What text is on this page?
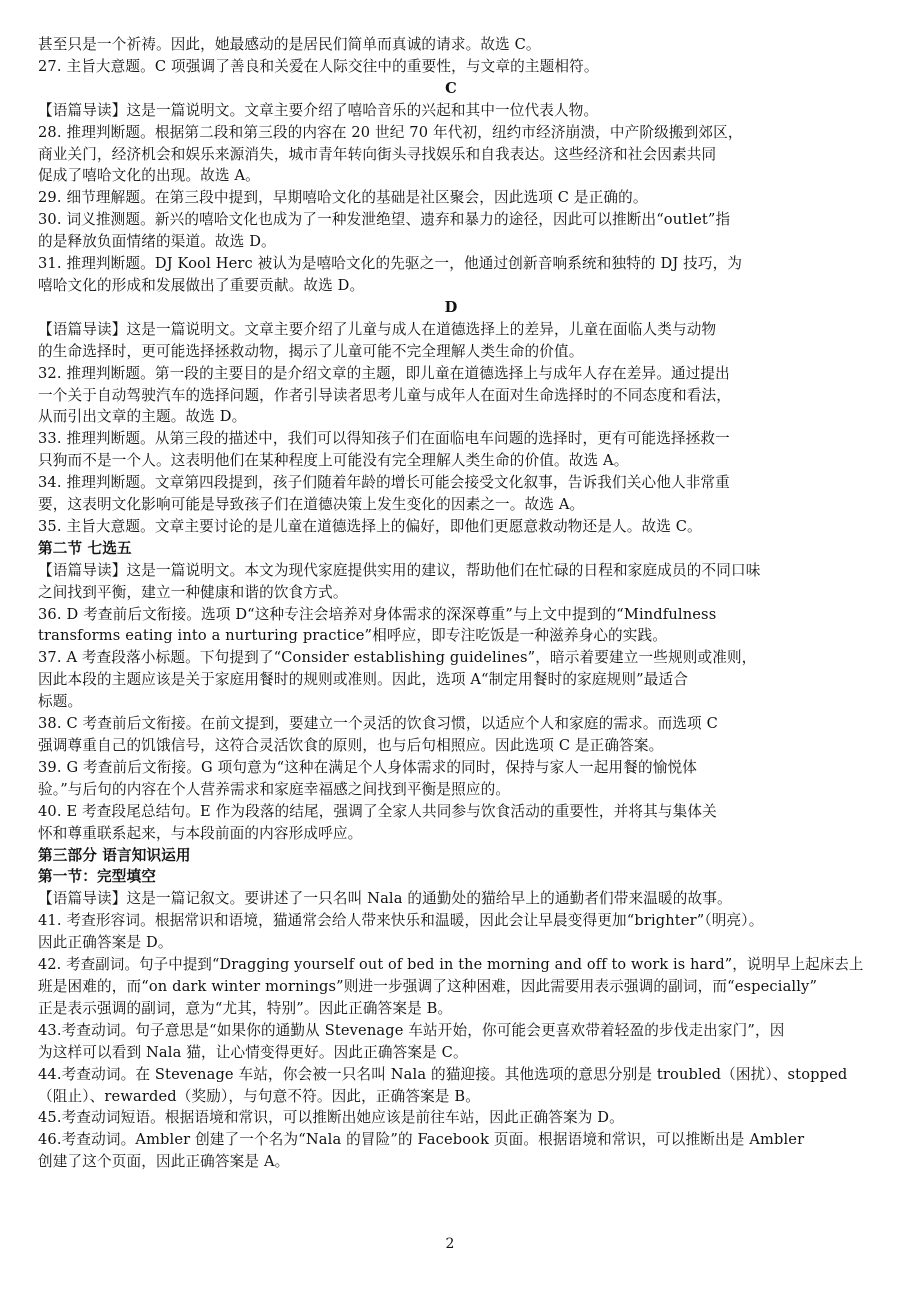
甚至只是一个祈祷。因此，她最感动的是居民们简单而真诚的请求。故选 C。
27. 主旨大意题。C 项强调了善良和关爱在人际交往中的重要性，与文章的主题相符。
C
【语篇导读】这是一篇说明文。文章主要介绍了嘻哈音乐的兴起和其中一位代表人物。
28. 推理判断题。根据第二段和第三段的内容在 20 世纪 70 年代初，纽约市经济崩溃，中产阶级搬到郊区，
商业关门，经济机会和娱乐来源消失，城市青年转向街头寻找娱乐和自我表达。这些经济和社会因素共同
促成了嘻哈文化的出现。故选 A。
29. 细节理解题。在第三段中提到，早期嘻哈文化的基础是社区聚会，因此选项 C 是正确的。
30. 词义推测题。新兴的嘻哈文化也成为了一种发泄绝望、遗弃和暴力的途径，因此可以推断出“outlet”指
的是释放负面情绪的渠道。故选 D。
31. 推理判断题。DJ Kool Herc 被认为是嘻哈文化的先驱之一，他通过创新音响系统和独特的 DJ 技巧，为
嘻哈文化的形成和发展做出了重要贡献。故选 D。
D
【语篇导读】这是一篇说明文。文章主要介绍了儿童与成人在道德选择上的差异，儿童在面临人类与动物
的生命选择时，更可能选择拯救动物，揭示了儿童可能不完全理解人类生命的价值。
32. 推理判断题。第一段的主要目的是介绍文章的主题，即儿童在道德选择上与成年人存在差异。通过提出
一个关于自动驾驶汽车的选择问题，作者引导读者思考儿童与成年人在面对生命选择时的不同态度和看法，
从而引出文章的主题。故选 D。
33. 推理判断题。从第三段的描述中，我们可以得知孩子们在面临电车问题的选择时，更有可能选择拯救一
只狗而不是一个人。这表明他们在某种程度上可能没有完全理解人类生命的价值。故选 A。
34. 推理判断题。文章第四段提到，孩子们随着年龄的增长可能会接受文化叙事，告诉我们关心他人非常重
要，这表明文化影响可能是导致孩子们在道德决策上发生变化的因素之一。故选 A。
35. 主旨大意题。文章主要讨论的是儿童在道德选择上的偏好，即他们更愿意救动物还是人。故选 C。
第二节 七选五
【语篇导读】这是一篇说明文。本文为现代家庭提供实用的建议，帮助他们在忙碌的日程和家庭成员的不同口味
之间找到平衡，建立一种健康和谐的饮食方式。
36. D 考查前后文衔接。选项 D“这种专注会培养对身体需求的深深尊重”与上文中提到的“Mindfulness
transforms eating into a nurturing practice”相呼应，即专注吃饭是一种滋养身心的实践。
37. A 考查段落小标题。下句提到了“Consider establishing guidelines”，暗示着要建立一些规则或准则，
因此本段的主题应该是关于家庭用餐时的规则或准则。因此，选项 A“制定用餐时的家庭规则”最适合
标题。
38. C 考查前后文衔接。在前文提到，要建立一个灵活的饮食习惯，以适应个人和家庭的需求。而选项 C
强调尊重自己的饥饿信号，这符合灵活饮食的原则，也与后句相照应。因此选项 C 是正确答案。
39. G 考查前后文衔接。G 项句意为“这种在满足个人身体需求的同时，保持与家人一起用餐的愉悦体
验。”与后句的内容在个人营养需求和家庭幸福感之间找到平衡是照应的。
40. E 考查段尾总结句。E 作为段落的结尾，强调了全家人共同参与饮食活动的重要性，并将其与集体关
怀和尊重联系起来，与本段前面的内容形成呼应。
第三部分 语言知识运用
第一节：完型填空
【语篇导读】这是一篇记叙文。要讲述了一只名叫 Nala 的通勤处的猫给早上的通勤者们带来温暖的故事。
41. 考查形容词。根据常识和语境，猫通常会给人带来快乐和温暖，因此会让早晨变得更加“brighter”（明亮）。
因此正确答案是 D。
42. 考查副词。句子中提到“Dragging yourself out of bed in the morning and off to work is hard”，说明早上起床去上
班是困难的，而“on dark winter mornings”则进一步强调了这种困难，因此需要用表示强调的副词，而“especially”
正是表示强调的副词，意为“尤其，特别”。因此正确答案是 B。
43.考查动词。句子意思是“如果你的通勤从 Stevenage 车站开始，你可能会更喜欢带着轻盈的步伐走出家门”，因
为这样可以看到 Nala 猫，让心情变得更好。因此正确答案是 C。
44.考查动词。在 Stevenage 车站，你会被一只名叫 Nala 的猫迎接。其他选项的意思分别是 troubled（困扰）、stopped
（阻止）、rewarded（奖励），与句意不符。因此，正确答案是 B。
45.考查动词短语。根据语境和常识，可以推断出她应该是前往车站，因此正确答案为 D。
46.考查动词。Ambler 创建了一个名为“Nala 的冒险”的 Facebook 页面。根据语境和常识，可以推断出是 Ambler
创建了这个页面，因此正确答案是 A。
2
